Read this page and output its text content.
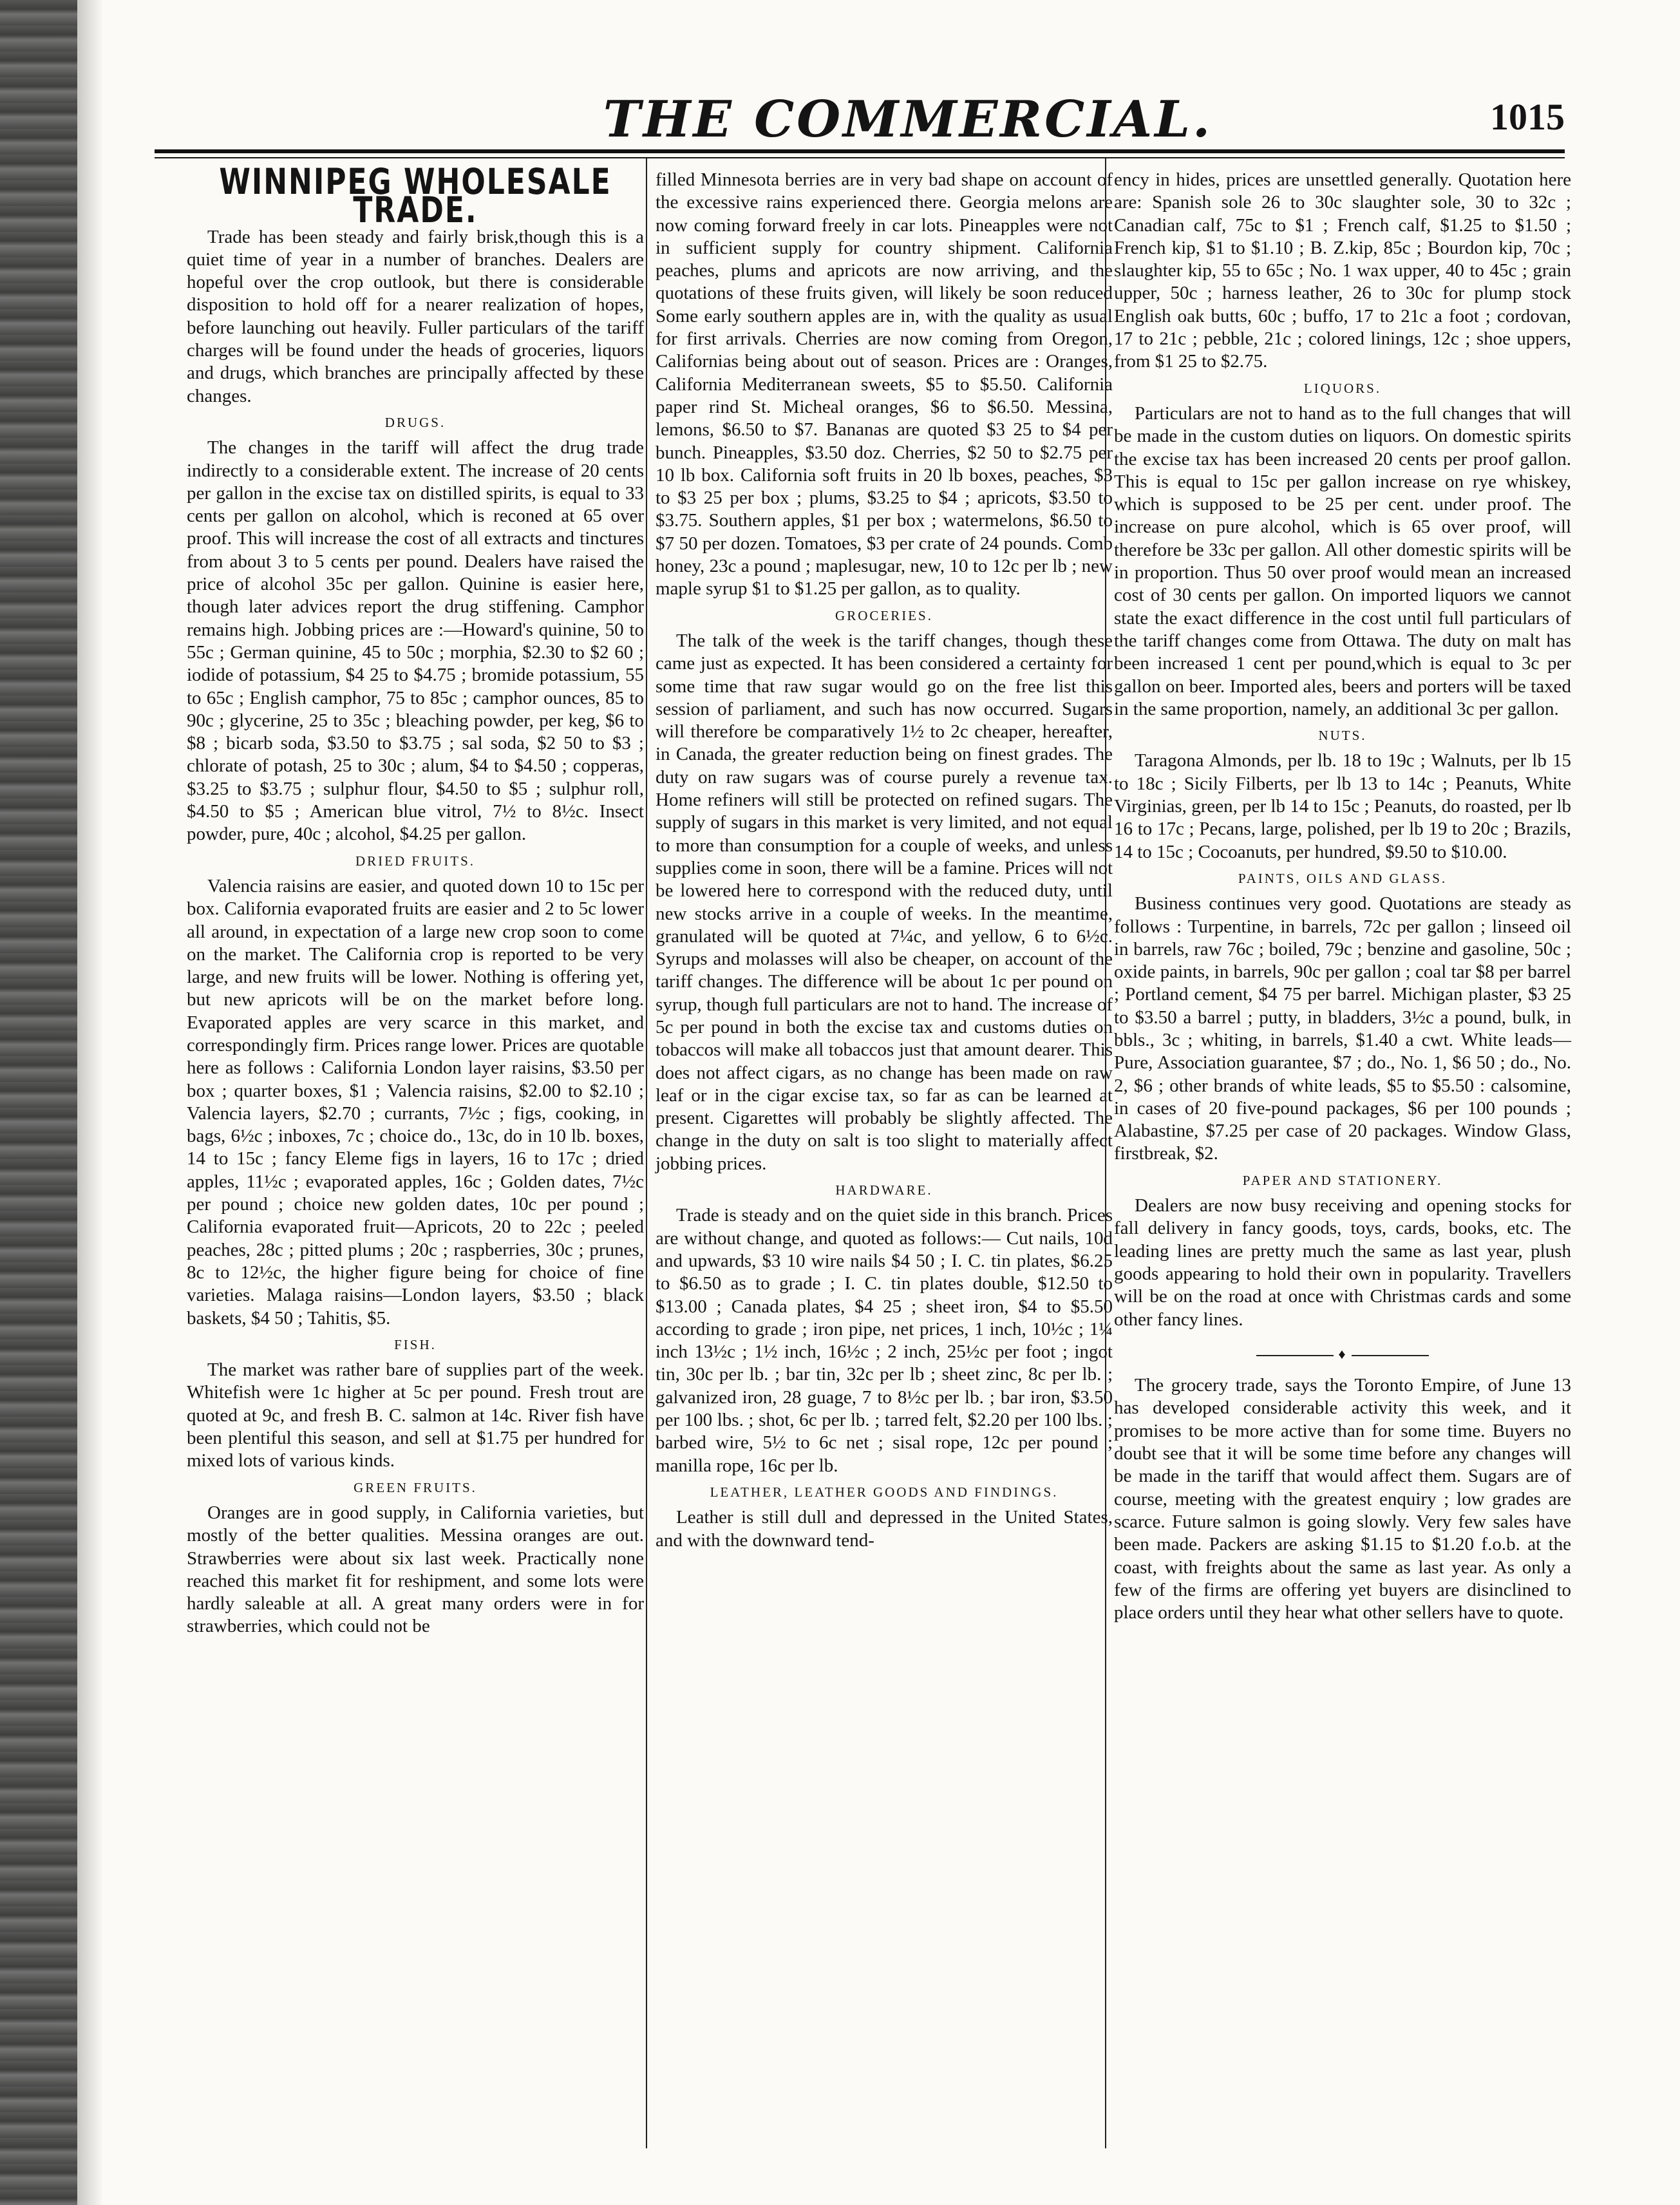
THE COMMERCIAL.	1015
WINNIPEG WHOLESALE TRADE.

Trade has been steady and fairly brisk,though this is a quiet time of year in a number of branches. Dealers are hopeful over the crop outlook, but there is considerable disposition to hold off for a nearer realization of hopes, before launching out heavily. Fuller particulars of the tariff charges will be found under the heads of groceries, liquors and drugs, which branches are principally affected by these changes.

DRUGS.

The changes in the tariff will affect the drug trade indirectly to a considerable extent. The increase of 20 cents per gallon in the excise tax on distilled spirits, is equal to 33 cents per gallon on alcohol, which is reconed at 65 over proof. This will increase the cost of all extracts and tinctures from about 3 to 5 cents per pound. Dealers have raised the price of alcohol 35c per gallon. Quinine is easier here, though later advices report the drug stiffening. Camphor remains high. Jobbing prices are :—Howard's quinine, 50 to 55c ; German quinine, 45 to 50c ; morphia, $2.30 to $2 60 ; iodide of potassium, $4 25 to $4.75 ; bromide potassium, 55 to 65c ; English camphor, 75 to 85c ; camphor ounces, 85 to 90c ; glycerine, 25 to 35c ; bleaching powder, per keg, $6 to $8 ; bicarb soda, $3.50 to $3.75 ; sal soda, $2 50 to $3 ; chlorate of potash, 25 to 30c ; alum, $4 to $4.50 ; copperas, $3.25 to $3.75 ; sulphur flour, $4.50 to $5 ; sulphur roll, $4.50 to $5 ; American blue vitrol, 7½ to 8½c. Insect powder, pure, 40c ; alcohol, $4.25 per gallon.

DRIED FRUITS.

Valencia raisins are easier, and quoted down 10 to 15c per box. California evaporated fruits are easier and 2 to 5c lower all around, in expectation of a large new crop soon to come on the market. The California crop is reported to be very large, and new fruits will be lower. Nothing is offering yet, but new apricots will be on the market before long. Evaporated apples are very scarce in this market, and correspondingly firm. Prices range lower. Prices are quotable here as follows : California London layer raisins, $3.50 per box ; quarter boxes, $1 ; Valencia raisins, $2.00 to $2.10 ; Valencia layers, $2.70 ; currants, 7½c ; figs, cooking, in bags, 6½c ; inboxes, 7c ; choice do., 13c, do in 10 lb. boxes, 14 to 15c ; fancy Eleme figs in layers, 16 to 17c ; dried apples, 11½c ; evaporated apples, 16c ; Golden dates, 7½c per pound ; choice new golden dates, 10c per pound ; California evaporated fruit—Apricots, 20 to 22c ; peeled peaches, 28c ; pitted plums ; 20c ; raspberries, 30c ; prunes, 8c to 12½c, the higher figure being for choice of fine varieties. Malaga raisins—London layers, $3.50 ; black baskets, $4 50 ; Tahitis, $5.

FISH.

The market was rather bare of supplies part of the week. Whitefish were 1c higher at 5c per pound. Fresh trout are quoted at 9c, and fresh B. C. salmon at 14c. River fish have been plentiful this season, and sell at $1.75 per hundred for mixed lots of various kinds.

GREEN FRUITS.

Oranges are in good supply, in California varieties, but mostly of the better qualities. Messina oranges are out. Strawberries were about six last week. Practically none reached this market fit for reshipment, and some lots were hardly saleable at all. A great many orders were in for strawberries, which could not be

filled Minnesota berries are in very bad shape on account of the excessive rains experienced there. Georgia melons are now coming forward freely in car lots. Pineapples were not in sufficient supply for country shipment. California peaches, plums and apricots are now arriving, and the quotations of these fruits given, will likely be soon reduced Some early southern apples are in, with the quality as usual for first arrivals. Cherries are now coming from Oregon, Californias being about out of season. Prices are : Oranges, California Mediterranean sweets, $5 to $5.50. California paper rind St. Micheal oranges, $6 to $6.50. Messina, lemons, $6.50 to $7. Bananas are quoted $3 25 to $4 per bunch. Pineapples, $3.50 doz. Cherries, $2 50 to $2.75 per 10 lb box. California soft fruits in 20 lb boxes, peaches, $3 to $3 25 per box ; plums, $3.25 to $4 ; apricots, $3.50 to $3.75. Southern apples, $1 per box ; watermelons, $6.50 to $7 50 per dozen. Tomatoes, $3 per crate of 24 pounds. Comb honey, 23c a pound ; maplesugar, new, 10 to 12c per lb ; new maple syrup $1 to $1.25 per gallon, as to quality.

GROCERIES.

The talk of the week is the tariff changes, though these came just as expected. It has been considered a certainty for some time that raw sugar would go on the free list this session of parliament, and such has now occurred. Sugars will therefore be comparatively 1½ to 2c cheaper, hereafter, in Canada, the greater reduction being on finest grades. The duty on raw sugars was of course purely a revenue tax. Home refiners will still be protected on refined sugars. The supply of sugars in this market is very limited, and not equal to more than consumption for a couple of weeks, and unless supplies come in soon, there will be a famine. Prices will not be lowered here to correspond with the reduced duty, until new stocks arrive in a couple of weeks. In the meantime, granulated will be quoted at 7¼c, and yellow, 6 to 6½c. Syrups and molasses will also be cheaper, on account of the tariff changes. The difference will be about 1c per pound on syrup, though full particulars are not to hand. The increase of 5c per pound in both the excise tax and customs duties on tobaccos will make all tobaccos just that amount dearer. This does not affect cigars, as no change has been made on raw leaf or in the cigar excise tax, so far as can be learned at present. Cigarettes will probably be slightly affected. The change in the duty on salt is too slight to materially affect jobbing prices.

HARDWARE.

Trade is steady and on the quiet side in this branch. Prices are without change, and quoted as follows:— Cut nails, 10d and upwards, $3 10 wire nails $4 50 ; I. C. tin plates, $6.25 to $6.50 as to grade ; I. C. tin plates double, $12.50 to $13.00 ; Canada plates, $4 25 ; sheet iron, $4 to $5.50 according to grade ; iron pipe, net prices, 1 inch, 10½c ; 1¼ inch 13½c ; 1½ inch, 16½c ; 2 inch, 25½c per foot ; ingot tin, 30c per lb. ; bar tin, 32c per lb ; sheet zinc, 8c per lb. ; galvanized iron, 28 guage, 7 to 8½c per lb. ; bar iron, $3.50 per 100 lbs. ; shot, 6c per lb. ; tarred felt, $2.20 per 100 lbs. ; barbed wire, 5½ to 6c net ; sisal rope, 12c per pound ; manilla rope, 16c per lb.

LEATHER, LEATHER GOODS AND FINDINGS.

Leather is still dull and depressed in the United States, and with the downward tend-

ency in hides, prices are unsettled generally. Quotation here are: Spanish sole 26 to 30c slaughter sole, 30 to 32c ; Canadian calf, 75c to $1 ; French calf, $1.25 to $1.50 ; French kip, $1 to $1.10 ; B. Z.kip, 85c ; Bourdon kip, 70c ; slaughter kip, 55 to 65c ; No. 1 wax upper, 40 to 45c ; grain upper, 50c ; harness leather, 26 to 30c for plump stock English oak butts, 60c ; buffo, 17 to 21c a foot ; cordovan, 17 to 21c ; pebble, 21c ; colored linings, 12c ; shoe uppers, from $1 25 to $2.75.

LIQUORS.

Particulars are not to hand as to the full changes that will be made in the custom duties on liquors. On domestic spirits the excise tax has been increased 20 cents per proof gallon. This is equal to 15c per gallon increase on rye whiskey, which is supposed to be 25 per cent. under proof. The increase on pure alcohol, which is 65 over proof, will therefore be 33c per gallon. All other domestic spirits will be in proportion. Thus 50 over proof would mean an increased cost of 30 cents per gallon. On imported liquors we cannot state the exact difference in the cost until full particulars of the tariff changes come from Ottawa. The duty on malt has been increased 1 cent per pound,which is equal to 3c per gallon on beer. Imported ales, beers and porters will be taxed in the same proportion, namely, an additional 3c per gallon.

NUTS.

Taragona Almonds, per lb. 18 to 19c ; Walnuts, per lb 15 to 18c ; Sicily Filberts, per lb 13 to 14c ; Peanuts, White Virginias, green, per lb 14 to 15c ; Peanuts, do roasted, per lb 16 to 17c ; Pecans, large, polished, per lb 19 to 20c ; Brazils, 14 to 15c ; Cocoanuts, per hundred, $9.50 to $10.00.

PAINTS, OILS AND GLASS.

Business continues very good. Quotations are steady as follows : Turpentine, in barrels, 72c per gallon ; linseed oil in barrels, raw 76c ; boiled, 79c ; benzine and gasoline, 50c ; oxide paints, in barrels, 90c per gallon ; coal tar $8 per barrel ; Portland cement, $4 75 per barrel. Michigan plaster, $3 25 to $3.50 a barrel ; putty, in bladders, 3½c a pound, bulk, in bbls., 3c ; whiting, in barrels, $1.40 a cwt. White leads—Pure, Association guarantee, $7 ; do., No. 1, $6 50 ; do., No. 2, $6 ; other brands of white leads, $5 to $5.50 : calsomine, in cases of 20 five-pound packages, $6 per 100 pounds ; Alabastine, $7.25 per case of 20 packages. Window Glass, firstbreak, $2.

PAPER AND STATIONERY.

Dealers are now busy receiving and opening stocks for fall delivery in fancy goods, toys, cards, books, etc. The leading lines are pretty much the same as last year, plush goods appearing to hold their own in popularity. Travellers will be on the road at once with Christmas cards and some other fancy lines.

♦

The grocery trade, says the Toronto Empire, of June 13 has developed considerable activity this week, and it promises to be more active than for some time. Buyers no doubt see that it will be some time before any changes will be made in the tariff that would affect them. Sugars are of course, meeting with the greatest enquiry ; low grades are scarce. Future salmon is going slowly. Very few sales have been made. Packers are asking $1.15 to $1.20 f.o.b. at the coast, with freights about the same as last year. As only a few of the firms are offering yet buyers are disinclined to place orders until they hear what other sellers have to quote.
